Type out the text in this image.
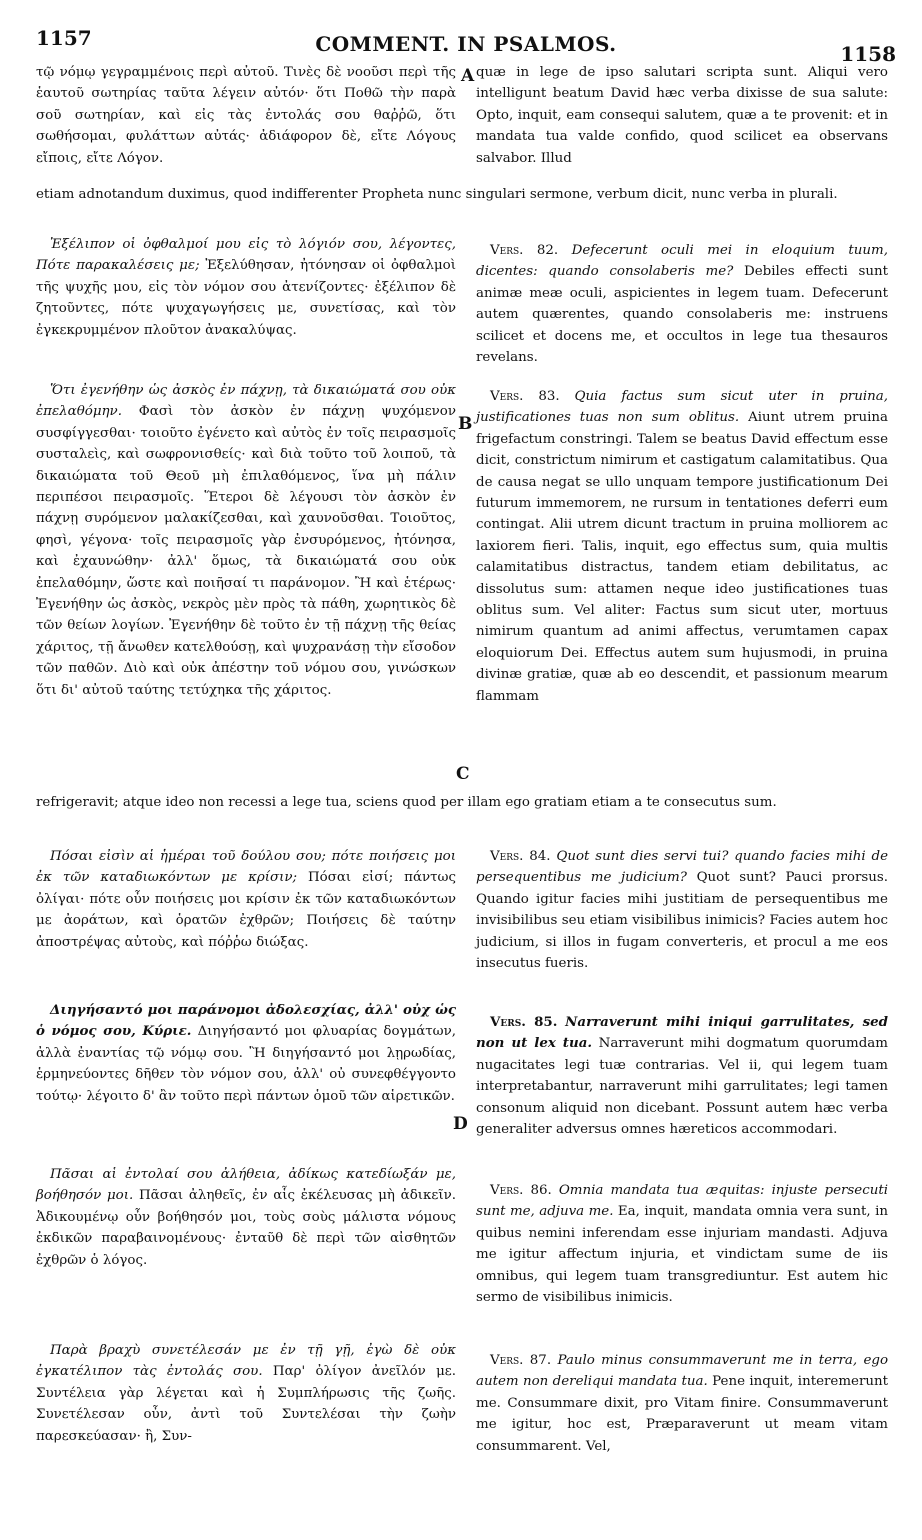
1157	COMMENT. IN PSALMOS.	1158

τῷ νόμῳ γεγραμμένοις περὶ αὐτοῦ. Τινὲς δὲ νοοῦσι περὶ τῆς ἑαυτοῦ σωτηρίας ταῦτα λέγειν αὐτόν· ὅτι Ποθῶ τὴν παρὰ σοῦ σωτηρίαν, καὶ εἰς τὰς ἐντολάς σου θαῤῥῶ, ὅτι σωθήσομαι, φυλάττων αὐτάς· ἀδιάφορον δὲ, εἴτε Λόγους εἴποις, εἴτε Λόγον.

A quæ in lege de ipso salutari scripta sunt. Aliqui vero intelligunt beatum David hæc verba dixisse de sua salute: Opto, inquit, eam consequi salutem, quæ a te provenit: et in mandata tua valde confido, quod scilicet ea observans salvabor. Illud

etiam adnotandum duximus, quod indifferenter Propheta nunc singulari sermone, verbum dicit, nunc verba in plurali.

Ἐξέλιπον οἱ ὀφθαλμοί μου εἰς τὸ λόγιόν σου, λέγοντες, Πότε παρακαλέσεις με; Ἐξελύθησαν, ἠτόνησαν οἱ ὀφθαλμοὶ τῆς ψυχῆς μου, εἰς τὸν νόμον σου ἀτενίζοντες· ἐξέλιπον δὲ ζητοῦντες, πότε ψυχαγωγήσεις με, συνετίσας, καὶ τὸν ἐγκεκρυμμένον πλοῦτον ἀνακαλύψας.

Vers. 82. Defecerunt oculi mei in eloquium tuum, dicentes: quando consolaberis me? Debiles effecti sunt animæ meæ oculi, aspicientes in legem tuam. Defecerunt autem quærentes, quando consolaberis me: instruens scilicet et docens me, et occultos in lege tua thesauros revelans.

Ὅτι ἐγενήθην ὡς ἀσκὸς ἐν πάχνῃ, τὰ δικαιώματά σου οὐκ ἐπελαθόμην. Φασὶ τὸν ἀσκὸν ἐν πάχνῃ ψυχόμενον συσφίγγεσθαι· τοιοῦτο ἐγένετο καὶ αὐτὸς ἐν τοῖς πειρασμοῖς συσταλεὶς, καὶ σωφρονισθείς· καὶ διὰ τοῦτο τοῦ λοιποῦ, τὰ δικαιώματα τοῦ Θεοῦ μὴ ἐπιλαθόμενος, ἵνα μὴ πάλιν περιπέσοι πειρασμοῖς. Ἕτεροι δὲ λέγουσι τὸν ἀσκὸν ἐν πάχνῃ συρόμενον μαλακίζεσθαι, καὶ χαυνοῦσθαι. Τοιοῦτος, φησὶ, γέγονα· τοῖς πειρασμοῖς γὰρ ἐνσυρόμενος, ἠτόνησα, καὶ ἐχαυνώθην· ἀλλ' ὅμως, τὰ δικαιώματά σου οὐκ ἐπελαθόμην, ὥστε καὶ ποιῆσαί τι παράνομον. Ἢ καὶ ἑτέρως· Ἐγενήθην ὡς ἀσκὸς, νεκρὸς μὲν πρὸς τὰ πάθη, χωρητικὸς δὲ τῶν θείων λογίων. Ἐγενήθην δὲ τοῦτο ἐν τῇ πάχνῃ τῆς θείας χάριτος, τῇ ἄνωθεν κατελθούσῃ, καὶ ψυχρανάσῃ τὴν εἴσοδον τῶν παθῶν. Διὸ καὶ οὐκ ἀπέστην τοῦ νόμου σου, γινώσκων ὅτι δι' αὐτοῦ ταύτης τετύχηκα τῆς χάριτος.

B
C

Vers. 83. Quia factus sum sicut uter in pruina, justificationes tuas non sum oblitus. Aiunt utrem pruina frigefactum constringi. Talem se beatus David effectum esse dicit, constrictum nimirum et castigatum calamitatibus. Qua de causa negat se ullo unquam tempore justificationum Dei futurum immemorem, ne rursum in tentationes deferri eum contingat. Alii utrem dicunt tractum in pruina molliorem ac laxiorem fieri. Talis, inquit, ego effectus sum, quia multis calamitatibus distractus, tandem etiam debilitatus, ac dissolutus sum: attamen neque ideo justificationes tuas oblitus sum. Vel aliter: Factus sum sicut uter, mortuus nimirum quantum ad animi affectus, verumtamen capax eloquiorum Dei. Effectus autem sum hujusmodi, in pruina divinæ gratiæ, quæ ab eo descendit, et passionum mearum flammam

refrigeravit; atque ideo non recessi a lege tua, sciens quod per illam ego gratiam etiam a te consecutus sum.

Πόσαι εἰσὶν αἱ ἡμέραι τοῦ δούλου σου; πότε ποιήσεις μοι ἐκ τῶν καταδιωκόντων με κρίσιν; Πόσαι εἰσί; πάντως ὀλίγαι· πότε οὖν ποιήσεις μοι κρίσιν ἐκ τῶν καταδιωκόντων με ἀοράτων, καὶ ὁρατῶν ἐχθρῶν; Ποιήσεις δὲ ταύτην ἀποστρέψας αὐτοὺς, καὶ πόῤῥω διώξας.

Vers. 84. Quot sunt dies servi tui? quando facies mihi de persequentibus me judicium? Quot sunt? Pauci prorsus. Quando igitur facies mihi justitiam de persequentibus me invisibilibus seu etiam visibilibus inimicis? Facies autem hoc judicium, si illos in fugam converteris, et procul a me eos insecutus fueris.

Διηγήσαντό μοι παράνομοι ἀδολεσχίας, ἀλλ' οὐχ ὡς ὁ νόμος σου, Κύριε. Διηγήσαντό μοι φλυαρίας δογμάτων, ἀλλὰ ἐναντίας τῷ νόμῳ σου. Ἢ διηγήσαντό μοι λῃρωδίας, ἑρμηνεύοντες δῆθεν τὸν νόμον σου, ἀλλ' οὐ συνεφθέγγοντο τούτῳ· λέγοιτο δ' ἂν τοῦτο περὶ πάντων ὁμοῦ τῶν αἱρετικῶν.

D

Vers. 85. Narraverunt mihi iniqui garrulitates, sed non ut lex tua. Narraverunt mihi dogmatum quorumdam nugacitates legi tuæ contrarias. Vel ii, qui legem tuam interpretabantur, narraverunt mihi garrulitates; legi tamen consonum aliquid non dicebant. Possunt autem hæc verba generaliter adversus omnes hæreticos accommodari.

Πᾶσαι αἱ ἐντολαί σου ἀλήθεια, ἀδίκως κατεδίωξάν με, βοήθησόν μοι. Πᾶσαι ἀληθεῖς, ἐν αἷς ἐκέλευσας μὴ ἀδικεῖν. Ἀδικουμένῳ οὖν βοήθησόν μοι, τοὺς σοὺς μάλιστα νόμους ἐκδικῶν παραβαινομένους· ἐνταῦθ δὲ περὶ τῶν αἰσθητῶν ἐχθρῶν ὁ λόγος.

Vers. 86. Omnia mandata tua æquitas: injuste persecuti sunt me, adjuva me. Ea, inquit, mandata omnia vera sunt, in quibus nemini inferendam esse injuriam mandasti. Adjuva me igitur affectum injuria, et vindictam sume de iis omnibus, qui legem tuam transgrediuntur. Est autem hic sermo de visibilibus inimicis.

Παρὰ βραχὺ συνετέλεσάν με ἐν τῇ γῇ, ἐγὼ δὲ οὐκ ἐγκατέλιπον τὰς ἐντολάς σου. Παρ' ὀλίγον ἀνεῖλόν με. Συντέλεια γὰρ λέγεται καὶ ἡ Συμπλήρωσις τῆς ζωῆς. Συνετέλεσαν οὖν, ἀντὶ τοῦ Συντελέσαι τὴν ζωὴν παρεσκεύασαν· ἢ, Συν-

Vers. 87. Paulo minus consummaverunt me in terra, ego autem non dereliqui mandata tua. Pene inquit, interemerunt me. Consummare dixit, pro Vitam finire. Consummaverunt me igitur, hoc est, Præparaverunt ut meam vitam consummarent. Vel,
